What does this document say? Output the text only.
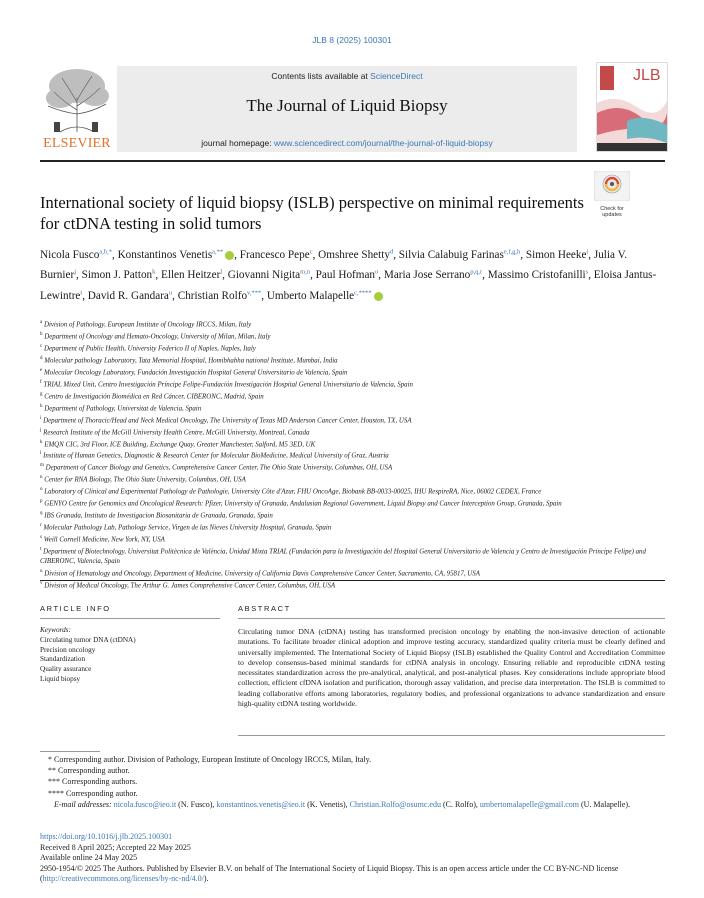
JLB 8 (2025) 100301
ELSEVIER
Contents lists available at ScienceDirect
The Journal of Liquid Biopsy
journal homepage: www.sciencedirect.com/journal/the-journal-of-liquid-biopsy
JLB
International society of liquid biopsy (ISLB) perspective on minimal requirements for ctDNA testing in solid tumors
Check for
updates
Nicola Fusco$^{a,b,*}$, Konstantinos Venetis$^{a,**}$ , Francesco Pepe$^c$, Omshree Shetty$^d$, Silvia Calabuig Farinas$^{e,f,g,h}$, Simon Heeke$^i$, Julia V. Burnier$^j$, Simon J. Patton$^k$, Ellen Heitzer$^l$, Giovanni Nigita$^{m,n}$, Paul Hofman$^o$, Maria Jose Serrano$^{p,q,r}$, Massimo Cristofanilli$^s$, Eloisa Jantus-Lewintre$^t$, David R. Gandara$^u$, Christian Rolfo$^{v,***}$, Umberto Malapelle$^{c,****}$
$^a$ Division of Pathology, European Institute of Oncology IRCCS, Milan, Italy
$^b$ Department of Oncology and Hemato-Oncology, University of Milan, Milan, Italy
$^c$ Department of Public Health, University Federico II of Naples, Naples, Italy
$^d$ Molecular pathology Laboratory, Tata Memorial Hospital, Homibhabha national Institute, Mumbai, India
$^e$ Molecular Oncology Laboratory, Fundación Investigación Hospital General Universitario de Valencia, Spain
$^f$ TRIAL Mixed Unit, Centro Investigación Príncipe Felipe-Fundación Investigación Hospital General Universitario de Valencia, Spain
$^g$ Centro de Investigación Biomédica en Red Cáncer, CIBERONC, Madrid, Spain
$^h$ Department of Pathology, Universitat de Valencia, Spain
$^i$ Department of Thoracic/Head and Neck Medical Oncology, The University of Texas MD Anderson Cancer Center, Houston, TX, USA
$^j$ Research Institute of the McGill University Health Centre, McGill University, Montreal, Canada
$^k$ EMQN CIC, 3rd Floor, ICE Building, Exchange Quay, Greater Manchester, Salford, M5 3ED, UK
$^l$ Institute of Human Genetics, Diagnostic & Research Center for Molecular BioMedicine, Medical University of Graz, Austria
$^m$ Department of Cancer Biology and Genetics, Comprehensive Cancer Center, The Ohio State University, Columbus, OH, USA
$^n$ Center for RNA Biology, The Ohio State University, Columbus, OH, USA
$^o$ Laboratory of Clinical and Experimental Pathology de Pathologie, University Côte d'Azur, FHU OncoAge, Biobank BB-0033-00025, IHU RespireRA, Nice, 06002 CEDEX, France
$^p$ GENYO Centre for Genomics and Oncological Research: Pfizer, University of Granada, Andalusian Regional Government, Liquid Biopsy and Cancer Interception Group, Granada, Spain
$^q$ IBS Granada, Instituto de Investigacion Biosanitaria de Granada, Granada, Spain
$^r$ Molecular Pathology Lab, Pathology Service, Virgen de las Nieves University Hospital, Granada, Spain
$^s$ Weill Cornell Medicine, New York, NY, USA
$^t$ Department of Biotechnology, Universitat Politècnica de València, Unidad Mixta TRIAL (Fundación para la Investigación del Hospital General Universitario de Valencia y Centro de Investigación Príncipe Felipe) and CIBERONC, Valencia, Spain
$^u$ Division of Hematology and Oncology, Department of Medicine, University of California Davis Comprehensive Cancer Center, Sacramento, CA, 95817, USA
$^v$ Division of Medical Oncology, The Arthur G. James Comprehensive Cancer Center, Columbus, OH, USA
ARTICLE INFO	ABSTRACT
Keywords:
Circulating tumor DNA (ctDNA)
Precision oncology
Standardization
Quality assurance
Liquid biopsy
Circulating tumor DNA (ctDNA) testing has transformed precision oncology by enabling the non-invasive detection of actionable mutations. To facilitate broader clinical adoption and improve testing accuracy, standardized quality criteria must be clearly defined and universally implemented. The International Society of Liquid Biopsy (ISLB) established the Quality Control and Accreditation Committee to develop consensus-based minimal standards for ctDNA analysis in oncology. Ensuring reliable and reproducible ctDNA testing necessitates standardization across the pre-analytical, analytical, and post-analytical phases. Key considerations include appropriate blood collection, efficient cfDNA isolation and purification, thorough assay validation, and precise data interpretation. The ISLB is committed to leading collaborative efforts among laboratories, regulatory bodies, and professional organizations to advance standardization and ensure high-quality ctDNA testing worldwide.
* Corresponding author. Division of Pathology, European Institute of Oncology IRCCS, Milan, Italy.
** Corresponding author.
*** Corresponding authors.
**** Corresponding author.
E-mail addresses: nicola.fusco@ieo.it (N. Fusco), konstantinos.venetis@ieo.it (K. Venetis), Christian.Rolfo@osumc.edu (C. Rolfo), umbertomalapelle@gmail.com (U. Malapelle).
https://doi.org/10.1016/j.jlb.2025.100301
Received 8 April 2025; Accepted 22 May 2025
Available online 24 May 2025
2950-1954/© 2025 The Authors. Published by Elsevier B.V. on behalf of The International Society of Liquid Biopsy. This is an open access article under the CC BY-NC-ND license (http://creativecommons.org/licenses/by-nc-nd/4.0/).
